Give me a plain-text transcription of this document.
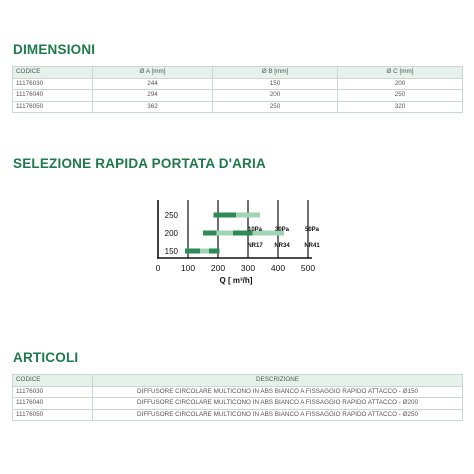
DIMENSIONI
CODICE	Ø A [mm]	Ø B [mm]	Ø C [mm]
11176030	244	150	200
11176040	294	200	250
11176050	362	250	320
SELEZIONE RAPIDA PORTATA D'ARIA
250
200
150
10Pa 30Pa	50Pa
NR17 NR34 NR41
0 100 200 300 400 500
Q [ m³/h]
ARTICOLI
CODICE	DESCRIZIONE
11176030	DIFFUSORE CIRCOLARE MULTICONO IN ABS BIANCO A FISSAGGIO RAPIDO ATTACCO - Ø150
11176040	DIFFUSORE CIRCOLARE MULTICONO IN ABS BIANCO A FISSAGGIO RAPIDO ATTACCO - Ø200
11176050	DIFFUSORE CIRCOLARE MULTICONO IN ABS BIANCO A FISSAGGIO RAPIDO ATTACCO - Ø250
